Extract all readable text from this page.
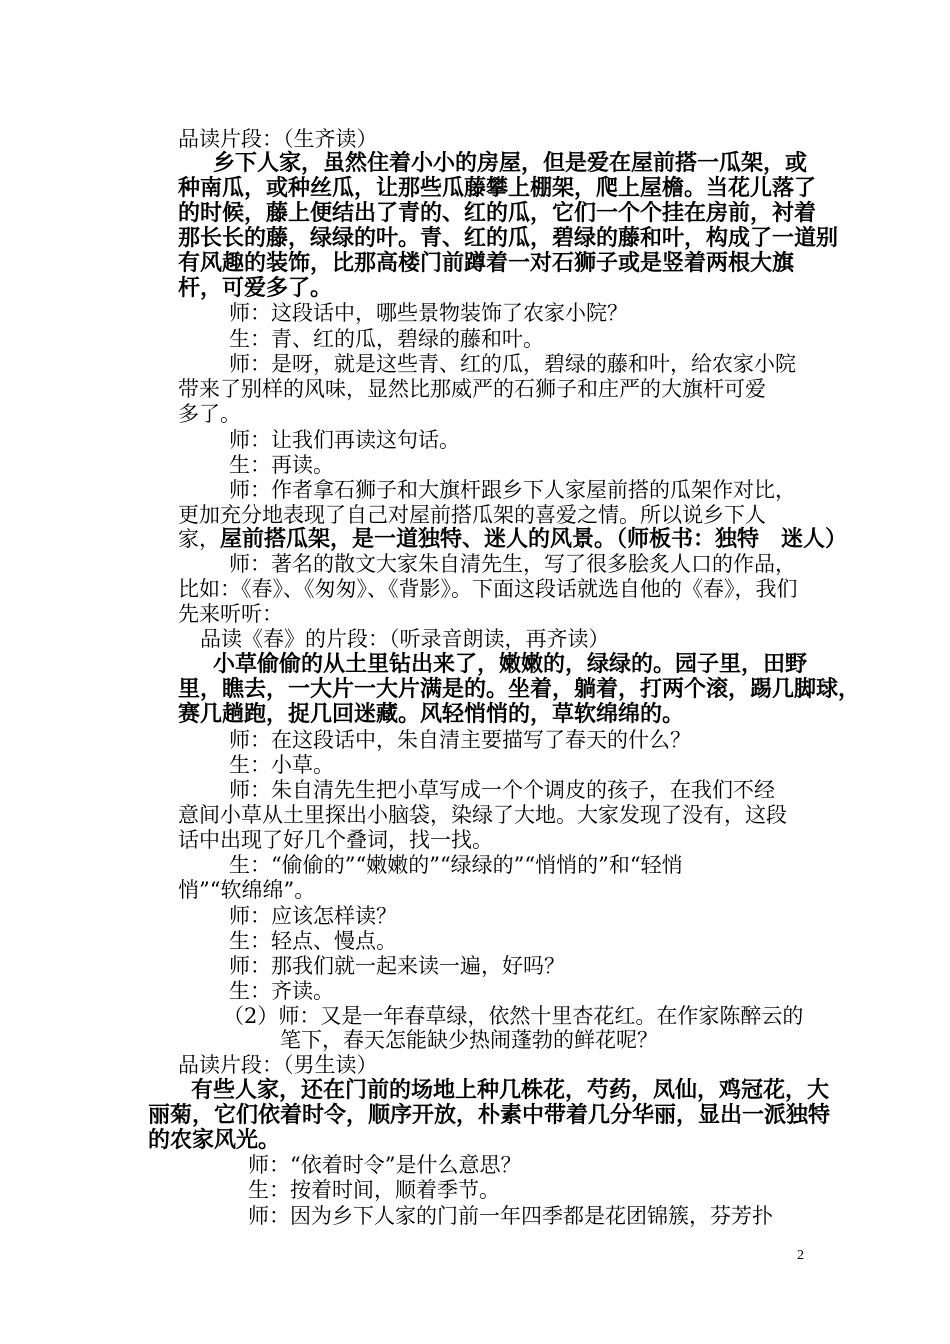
品读片段：（生齐读）
乡下人家，虽然住着小小的房屋，但是爱在屋前搭一瓜架，或
种南瓜，或种丝瓜，让那些瓜藤攀上棚架，爬上屋檐。当花儿落了
的时候，藤上便结出了青的、红的瓜，它们一个个挂在房前，衬着
那长长的藤，绿绿的叶。青、红的瓜，碧绿的藤和叶，构成了一道别
有风趣的装饰，比那高楼门前蹲着一对石狮子或是竖着两根大旗
杆，可爱多了。
师：这段话中，哪些景物装饰了农家小院？
生：青、红的瓜，碧绿的藤和叶。
师：是呀，就是这些青、红的瓜，碧绿的藤和叶，给农家小院
带来了别样的风味，显然比那威严的石狮子和庄严的大旗杆可爱
多了。
师：让我们再读这句话。
生：再读。
师：作者拿石狮子和大旗杆跟乡下人家屋前搭的瓜架作对比，
更加充分地表现了自己对屋前搭瓜架的喜爱之情。所以说乡下人
家，屋前搭瓜架，是一道独特、迷人的风景。（师板书：独特　迷人）
师：著名的散文大家朱自清先生，写了很多脍炙人口的作品，
比如：《春》、《匆匆》、《背影》。下面这段话就选自他的《春》，我们
先来听听：
品读《春》的片段：（听录音朗读，再齐读）
小草偷偷的从土里钻出来了，嫩嫩的，绿绿的。园子里，田野
里，瞧去，一大片一大片满是的。坐着，躺着，打两个滚，踢几脚球，
赛几趟跑，捉几回迷藏。风轻悄悄的，草软绵绵的。
师：在这段话中，朱自清主要描写了春天的什么？
生：小草。
师：朱自清先生把小草写成一个个调皮的孩子，在我们不经
意间小草从土里探出小脑袋，染绿了大地。大家发现了没有，这段
话中出现了好几个叠词，找一找。
生：“偷偷的”“嫩嫩的”“绿绿的”“悄悄的”和“轻悄
悄”“软绵绵”。
师：应该怎样读？
生：轻点、慢点。
师：那我们就一起来读一遍，好吗？
生：齐读。
（2）师：又是一年春草绿，依然十里杏花红。在作家陈醉云的
笔下，春天怎能缺少热闹蓬勃的鲜花呢？
品读片段：（男生读）
有些人家，还在门前的场地上种几株花，芍药，凤仙，鸡冠花，大
丽菊，它们依着时令，顺序开放，朴素中带着几分华丽，显出一派独特
的农家风光。
师：“依着时令”是什么意思？
生：按着时间，顺着季节。
师：因为乡下人家的门前一年四季都是花团锦簇，芬芳扑
2
